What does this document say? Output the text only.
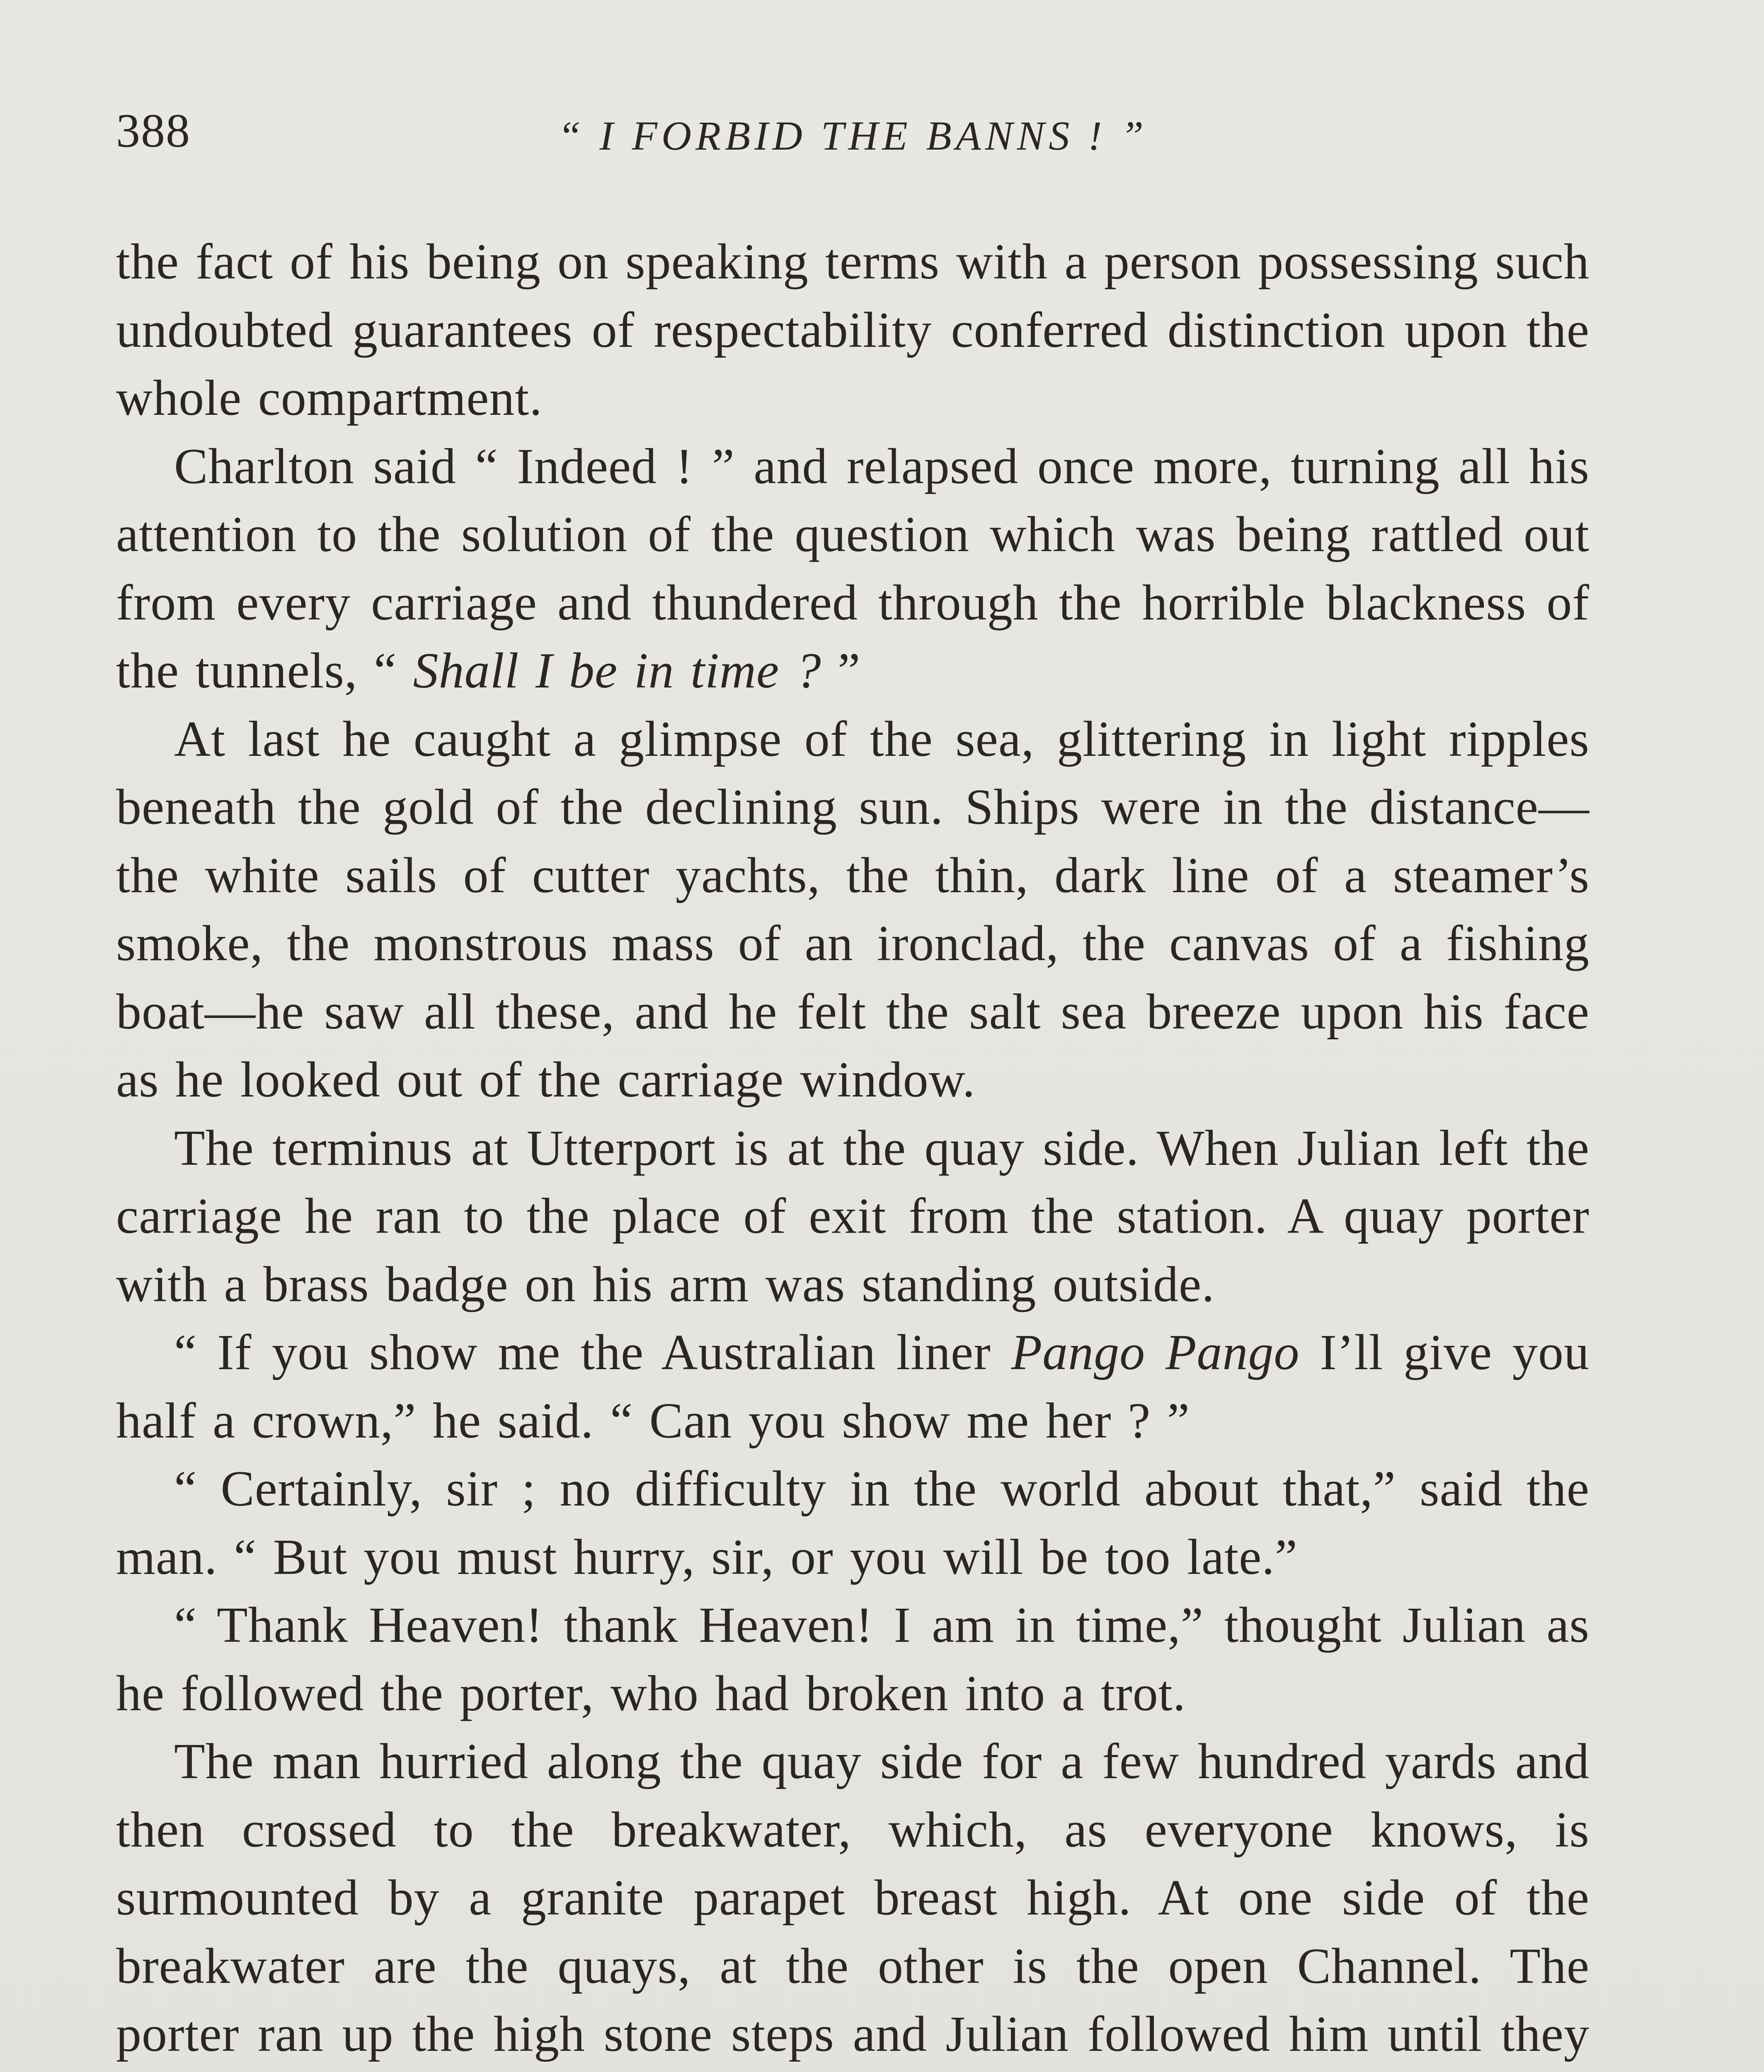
388	“ I FORBID THE BANNS ! ”

the fact of his being on speaking terms with a person possessing such undoubted guarantees of respectability conferred distinction upon the whole compartment.

Charlton said “ Indeed ! ” and relapsed once more, turning all his attention to the solution of the question which was being rattled out from every carriage and thundered through the horrible blackness of the tunnels, “ Shall I be in time ? ”

At last he caught a glimpse of the sea, glittering in light ripples beneath the gold of the declining sun. Ships were in the distance—the white sails of cutter yachts, the thin, dark line of a steamer’s smoke, the monstrous mass of an ironclad, the canvas of a fishing boat—he saw all these, and he felt the salt sea breeze upon his face as he looked out of the carriage window.

The terminus at Utterport is at the quay side. When Julian left the carriage he ran to the place of exit from the station. A quay porter with a brass badge on his arm was standing outside.

“ If you show me the Australian liner Pango Pango I’ll give you half a crown,” he said. “ Can you show me her ? ”

“ Certainly, sir ; no difficulty in the world about that,” said the man. “ But you must hurry, sir, or you will be too late.”

“ Thank Heaven! thank Heaven! I am in time,” thought Julian as he followed the porter, who had broken into a trot.

The man hurried along the quay side for a few hundred yards and then crossed to the breakwater, which, as everyone knows, is surmounted by a granite parapet breast high. At one side of the breakwater are the quays, at the other is the open Channel. The porter ran up the high stone steps and Julian followed him until they
